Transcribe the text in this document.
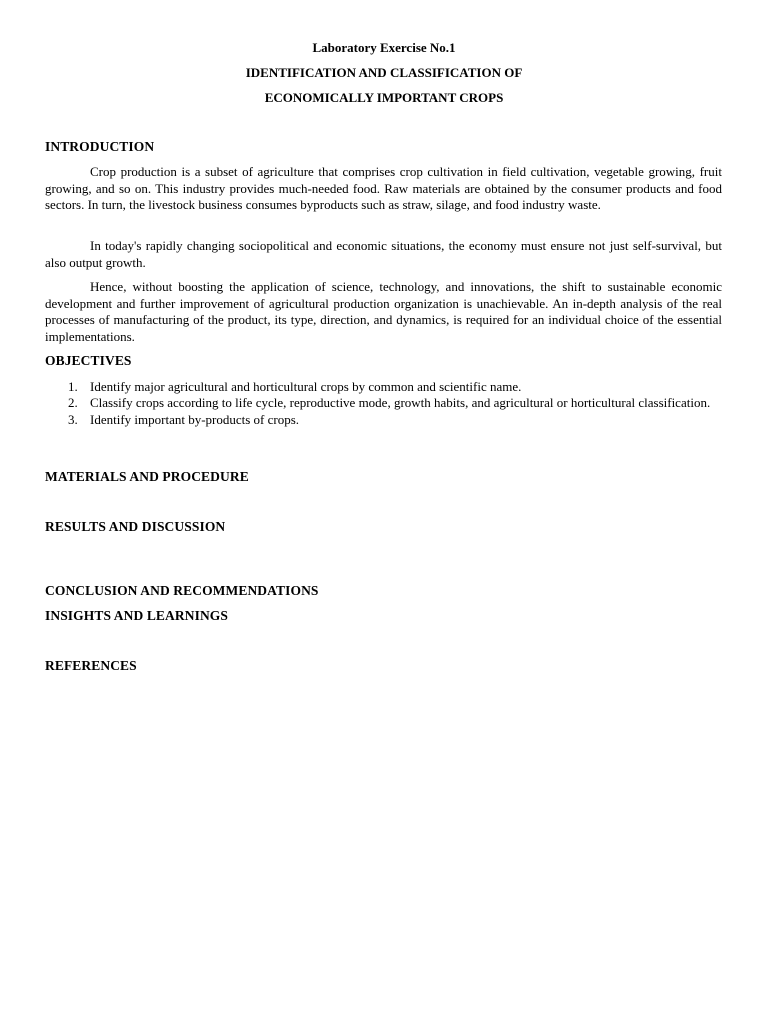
Laboratory Exercise No.1
IDENTIFICATION AND CLASSIFICATION OF
ECONOMICALLY IMPORTANT CROPS
INTRODUCTION
Crop production is a subset of agriculture that comprises crop cultivation in field cultivation, vegetable growing, fruit growing, and so on. This industry provides much-needed food. Raw materials are obtained by the consumer products and food sectors. In turn, the livestock business consumes byproducts such as straw, silage, and food industry waste.
In today's rapidly changing sociopolitical and economic situations, the economy must ensure not just self-survival, but also output growth.
Hence, without boosting the application of science, technology, and innovations, the shift to sustainable economic development and further improvement of agricultural production organization is unachievable. An in-depth analysis of the real processes of manufacturing of the product, its type, direction, and dynamics, is required for an individual choice of the essential implementations.
OBJECTIVES
1. Identify major agricultural and horticultural crops by common and scientific name.
2. Classify crops according to life cycle, reproductive mode, growth habits, and agricultural or horticultural classification.
3. Identify important by-products of crops.
MATERIALS AND PROCEDURE
RESULTS AND DISCUSSION
CONCLUSION AND RECOMMENDATIONS
INSIGHTS AND LEARNINGS
REFERENCES
